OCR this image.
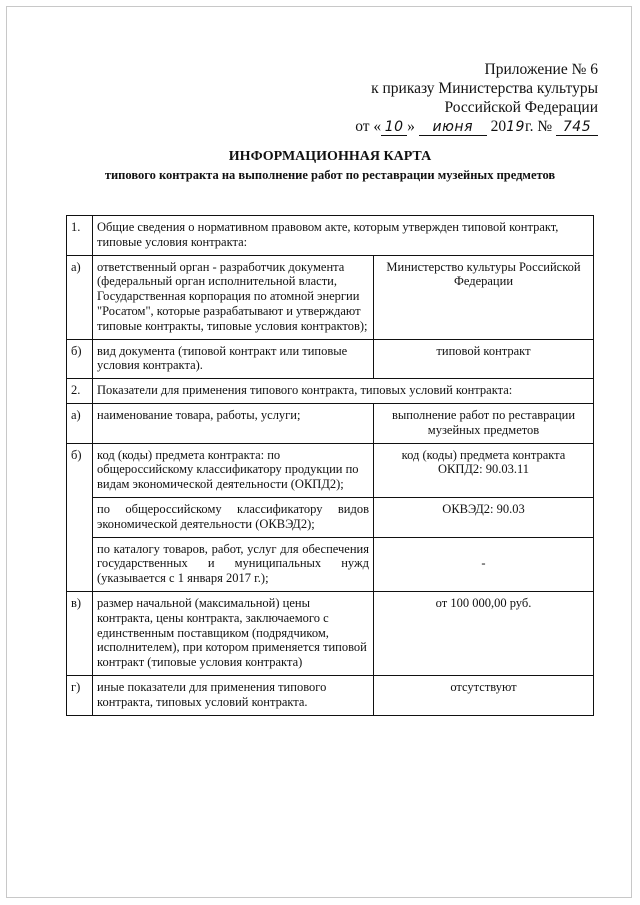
Приложение № 6
к приказу Министерства культуры
Российской Федерации
от « 10 » июня 2019г. № 745
ИНФОРМАЦИОННАЯ КАРТА
типового контракта на выполнение работ по реставрации музейных предметов
1.	Общие сведения о нормативном правовом акте, которым утвержден типовой контракт, типовые условия контракта:	
а)	ответственный орган - разработчик документа (федеральный орган исполнительной власти, Государственная корпорация по атомной энергии "Росатом", которые разрабатывают и утверждают типовые контракты, типовые условия контрактов);	Министерство культуры Российской Федерации
б)	вид документа (типовой контракт или типовые условия контракта).	типовой контракт
2.	Показатели для применения типового контракта, типовых условий контракта:	
а)	наименование товара, работы, услуги;	выполнение работ по реставрации музейных предметов
б)	код (коды) предмета контракта: по общероссийскому классификатору продукции по видам экономической деятельности (ОКПД2);	код (коды) предмета контракта ОКПД2: 90.03.11
	по общероссийскому классификатору видов экономической деятельности (ОКВЭД2);	ОКВЭД2: 90.03
	по каталогу товаров, работ, услуг для обеспечения государственных и муниципальных нужд (указывается с 1 января 2017 г.);	-
в)	размер начальной (максимальной) цены контракта, цены контракта, заключаемого с единственным поставщиком (подрядчиком, исполнителем), при котором применяется типовой контракт (типовые условия контракта)	от 100 000,00 руб.
г)	иные показатели для применения типового контракта, типовых условий контракта.	отсутствуют
